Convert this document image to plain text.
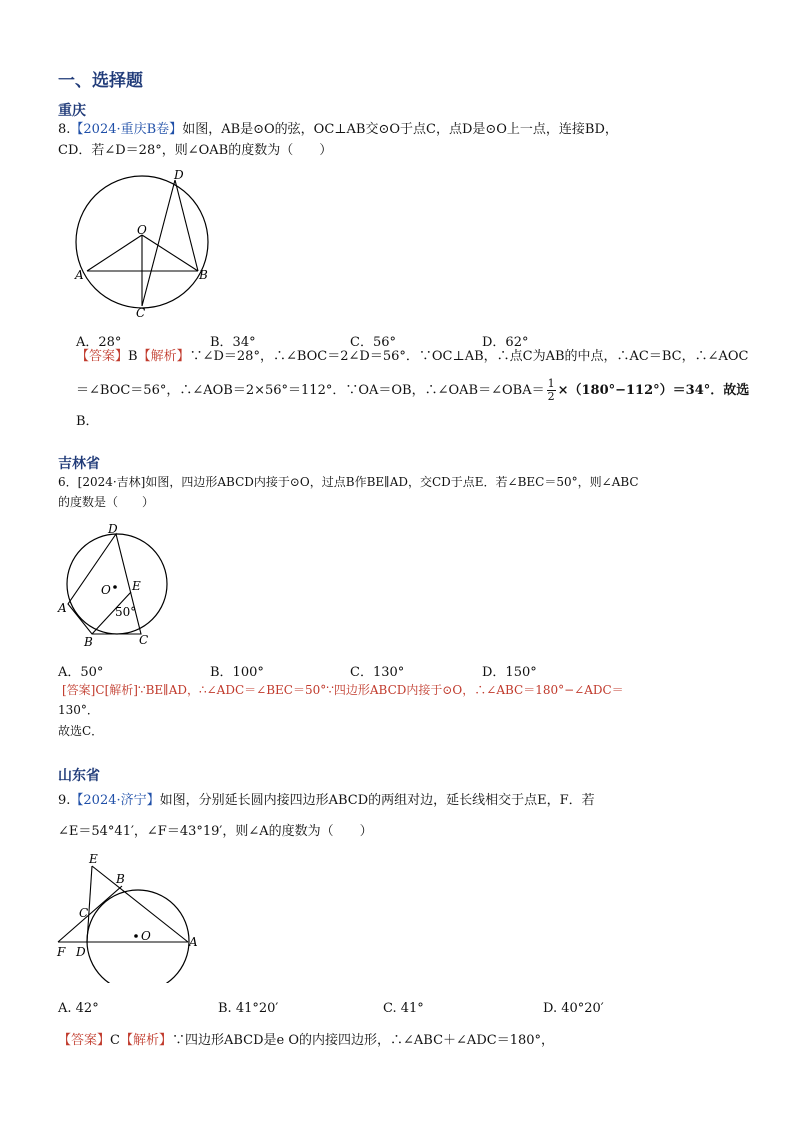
一、选择题
重庆
8.【2024·重庆B卷】如图，AB是⊙O的弦，OC⊥AB交⊙O于点C，点D是⊙O上一点，连接BD，
CD．若∠D＝28°，则∠OAB的度数为（　　）
D
O
A	B
C
A．28°	B．34°	C．56°	D．62°
【答案】B【解析】∵∠D＝28°，∴∠BOC＝2∠D＝56°．∵OC⊥AB，∴点C为AB的中点，∴AC＝BC，∴∠AOC
＝∠BOC＝56°，∴∠AOB＝2×56°＝112°．∵OA＝OB，∴∠OAB＝∠OBA＝ $\frac{1}{2} \times(180^\circ-112^\circ)=34^\circ$．故选
B．
吉林省
6．[2024·吉林]如图，四边形ABCD内接于⊙O，过点B作BE∥AD，交CD于点E．若∠BEC＝50°，则∠ABC
的度数是（　　）
D
O E
A	50°
B	C
A．50°	B．100°	C．130°	D．150°
[答案]C[解析]∵BE∥AD，∴∠ADC＝∠BEC＝50°∵四边形ABCD内接于⊙O，∴∠ABC＝180°−∠ADC＝
130°．
故选C．
山东省
9.【2024·济宁】如图，分别延长圆内接四边形ABCD的两组对边，延长线相交于点E，F．若
∠E＝54°41′，∠F＝43°19′，则∠A的度数为（　　）
E
B
C
O
F D
A
A. 42°	B. 41°20′	C. 41°	D. 40°20′
【答案】C【解析】∵四边形ABCD是e O的内接四边形，∴∠ABC＋∠ADC＝180°，
